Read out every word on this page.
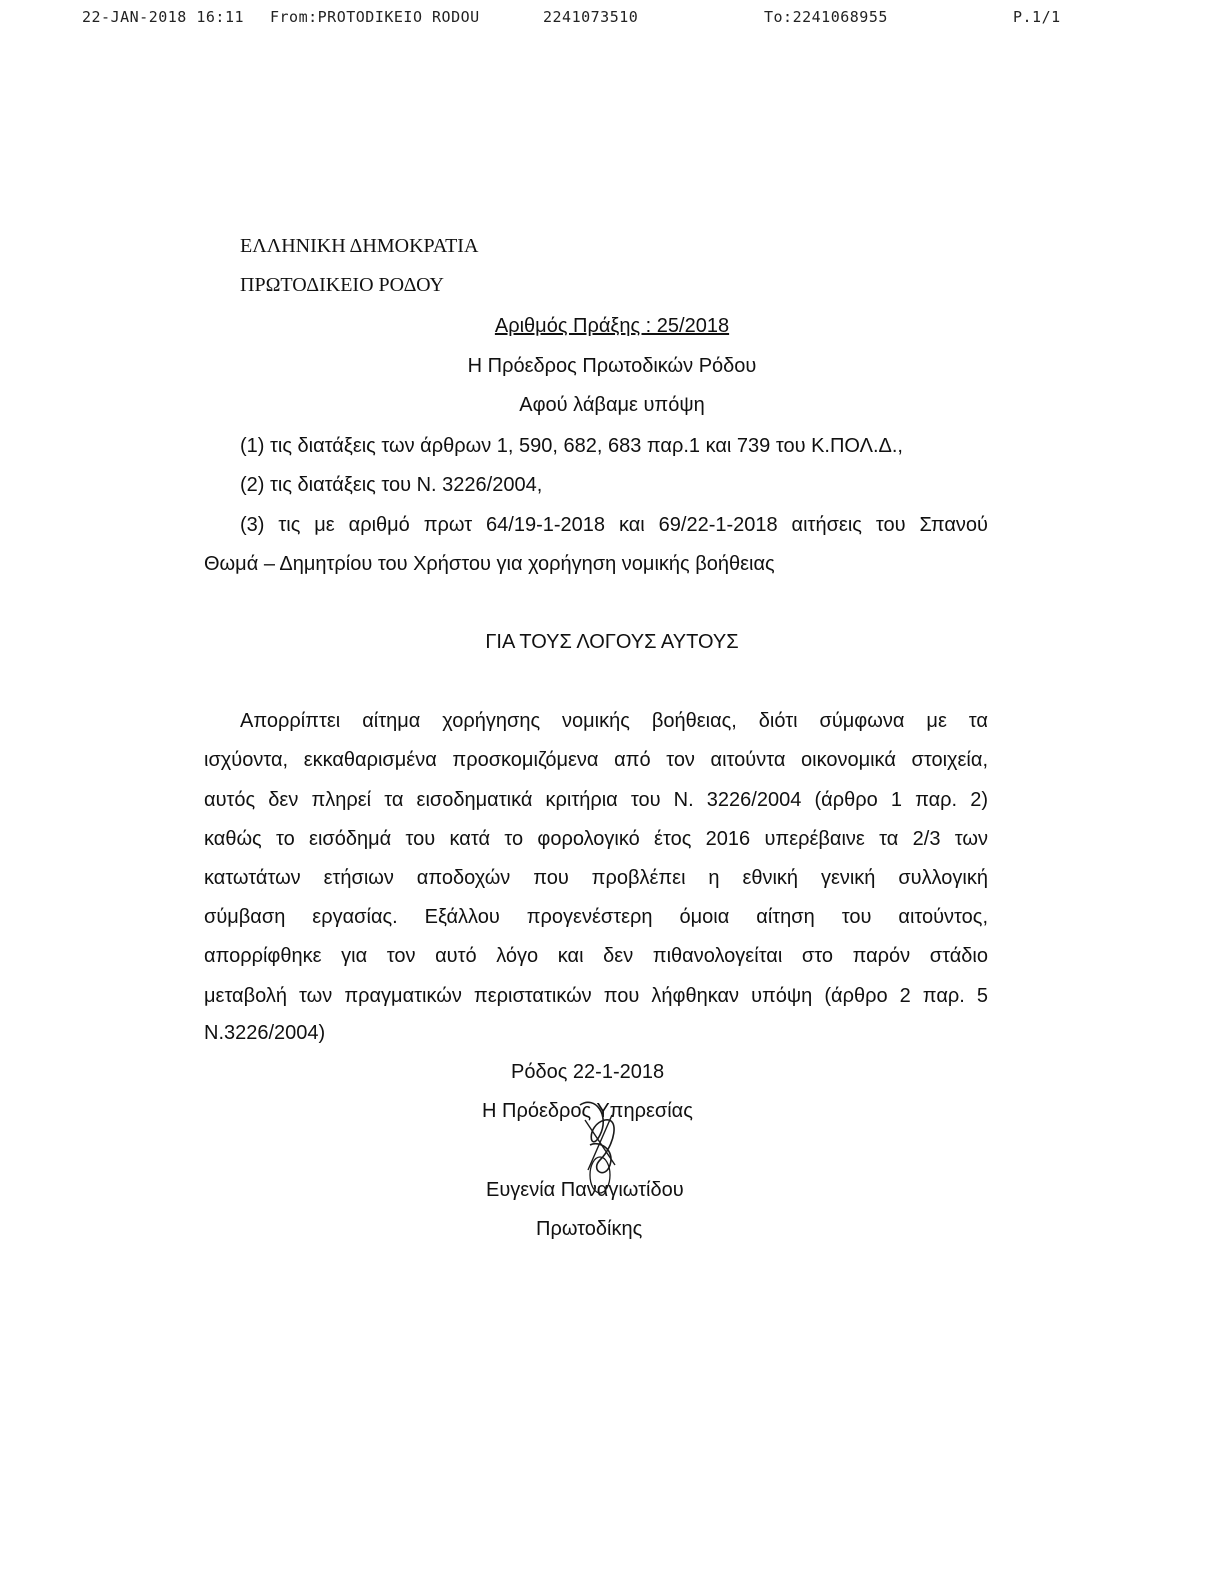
22-JAN-2018 16:11 From:PROTODIKEIO RODOU	2241073510	To:2241068955	P.1/1
ΕΛΛΗΝΙΚΗ ΔΗΜΟΚΡΑΤΙΑ
ΠΡΩΤΟΔΙΚΕΙΟ ΡΟΔΟΥ
Αριθμός Πράξης : 25/2018
Η Πρόεδρος Πρωτοδικών Ρόδου
Αφού λάβαμε υπόψη
(1) τις διατάξεις των άρθρων 1, 590, 682, 683 παρ.1 και 739 του Κ.ΠΟΛ.Δ.,
(2) τις διατάξεις του Ν. 3226/2004,
(3) τις με αριθμό πρωτ 64/19-1-2018 και 69/22-1-2018 αιτήσεις του Σπανού
Θωμά – Δημητρίου του Χρήστου για χορήγηση νομικής βοήθειας
ΓΙΑ ΤΟΥΣ ΛΟΓΟΥΣ ΑΥΤΟΥΣ
Απορρίπτει αίτημα χορήγησης νομικής βοήθειας, διότι σύμφωνα με τα
ισχύοντα, εκκαθαρισμένα προσκομιζόμενα από τον αιτούντα οικονομικά στοιχεία,
αυτός δεν πληρεί τα εισοδηματικά κριτήρια του Ν. 3226/2004 (άρθρο 1 παρ. 2)
καθώς το εισόδημά του κατά το φορολογικό έτος 2016 υπερέβαινε τα 2/3 των
κατωτάτων ετήσιων αποδοχών που προβλέπει η εθνική γενική συλλογική
σύμβαση εργασίας. Εξάλλου προγενέστερη όμοια αίτηση του αιτούντος,
απορρίφθηκε για τον αυτό λόγο και δεν πιθανολογείται στο παρόν στάδιο
μεταβολή των πραγματικών περιστατικών που λήφθηκαν υπόψη (άρθρο 2 παρ. 5
Ν.3226/2004)
Ρόδος 22-1-2018
Η Πρόεδρος Υπηρεσίας
Ευγενία Παναγιωτίδου
Πρωτοδίκης
